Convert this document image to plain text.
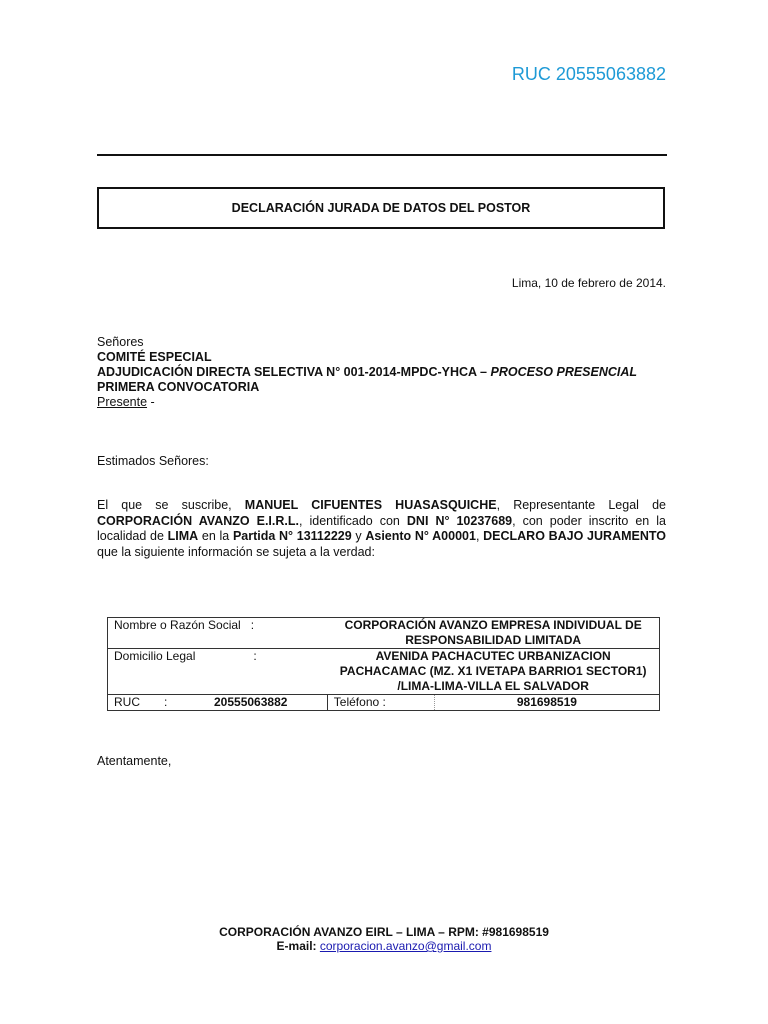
RUC 20555063882
DECLARACIÓN JURADA DE DATOS DEL POSTOR
Lima, 10 de febrero de 2014.
Señores
COMITÉ ESPECIAL
ADJUDICACIÓN DIRECTA SELECTIVA N° 001-2014-MPDC-YHCA – PROCESO PRESENCIAL
PRIMERA CONVOCATORIA
Presente -
Estimados Señores:
El que se suscribe, MANUEL CIFUENTES HUASASQUICHE, Representante Legal de CORPORACIÓN AVANZO E.I.R.L., identificado con DNI N° 10237689, con poder inscrito en la localidad de LIMA en la Partida N° 13112229 y Asiento N° A00001, DECLARO BAJO JURAMENTO que la siguiente información se sujeta a la verdad:
Nombre o Razón Social :	CORPORACIÓN AVANZO EMPRESA INDIVIDUAL DE RESPONSABILIDAD LIMITADA
Domicilio Legal :	AVENIDA PACHACUTEC URBANIZACION PACHACAMAC (MZ. X1 IVETAPA BARRIO1 SECTOR1) /LIMA-LIMA-VILLA EL SALVADOR

RUC : 20555063882	Teléfono : 981698519
Atentamente,
CORPORACIÓN AVANZO EIRL – LIMA – RPM: #981698519
E-mail: corporacion.avanzo@gmail.com
